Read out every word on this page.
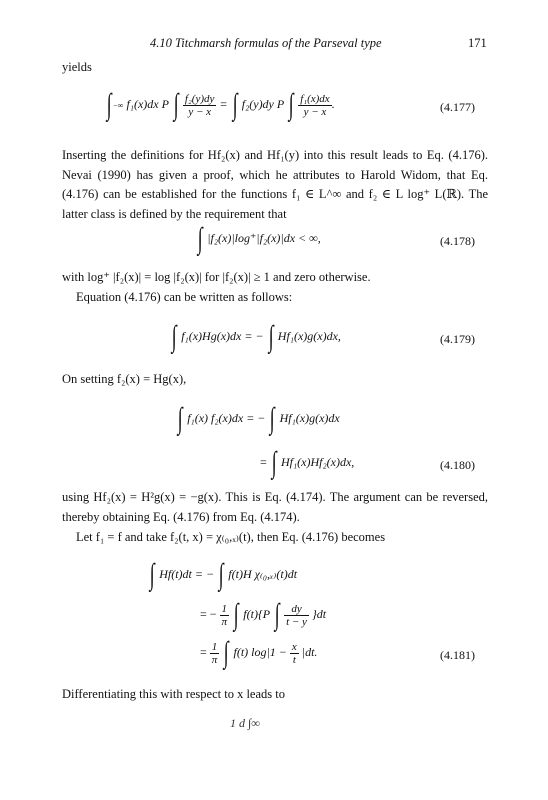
4.10 Titchmarsh formulas of the Parseval type	171

yields

∫ −∞ f₁(x)dx P ∫ $\frac{\text{f₂(y)dy}}{y - x}$ = ∫ f₂(y)dy P ∫ $\frac{\text{f₁(x)dx}}{y - x}$ .	(4.177)

Inserting the definitions for Hf₂(x) and Hf₁(y) into this result leads to Eq. (4.176). Nevai (1990) has given a proof, which he attributes to Harold Widom, that Eq. (4.176) can be established for the functions f₁ ∈ L^∞ and f₂ ∈ L log⁺ L(ℝ). The latter class is defined by the requirement that

∫ |f₂(x)|log⁺|f₂(x)|dx < ∞,	(4.178)

with log⁺ |f₂(x)| = log |f₂(x)| for |f₂(x)| ≥ 1 and zero otherwise.

Equation (4.176) can be written as follows:

∫ f₁(x)Hg(x)dx = − ∫ Hf₁(x)g(x)dx,	(4.179)

On setting f₂(x) = Hg(x),

∫ f₁(x) f₂(x)dx = − ∫ Hf₁(x)g(x)dx
= ∫ Hf₁(x)Hf₂(x)dx,	(4.180)

using Hf₂(x) = H²g(x) = −g(x). This is Eq. (4.174). The argument can be reversed, thereby obtaining Eq. (4.176) from Eq. (4.174).

Let f₁ = f and take f₂(t, x) = χ₍₀,ₓ₎(t), then Eq. (4.176) becomes

∫ Hf(t)dt = − ∫ f(t)H χ₍₀,ₓ₎(t)dt
= − $\frac{1}{\pi}$ ∫ f(t){P ∫ $\frac{dy}{t - y} \}dt$
= $\frac{1}{\pi}$ ∫ f(t) $\log|1 - \frac{x}{t} |dt$.	(4.181)

Differentiating this with respect to x leads to

1 d ∫∞
